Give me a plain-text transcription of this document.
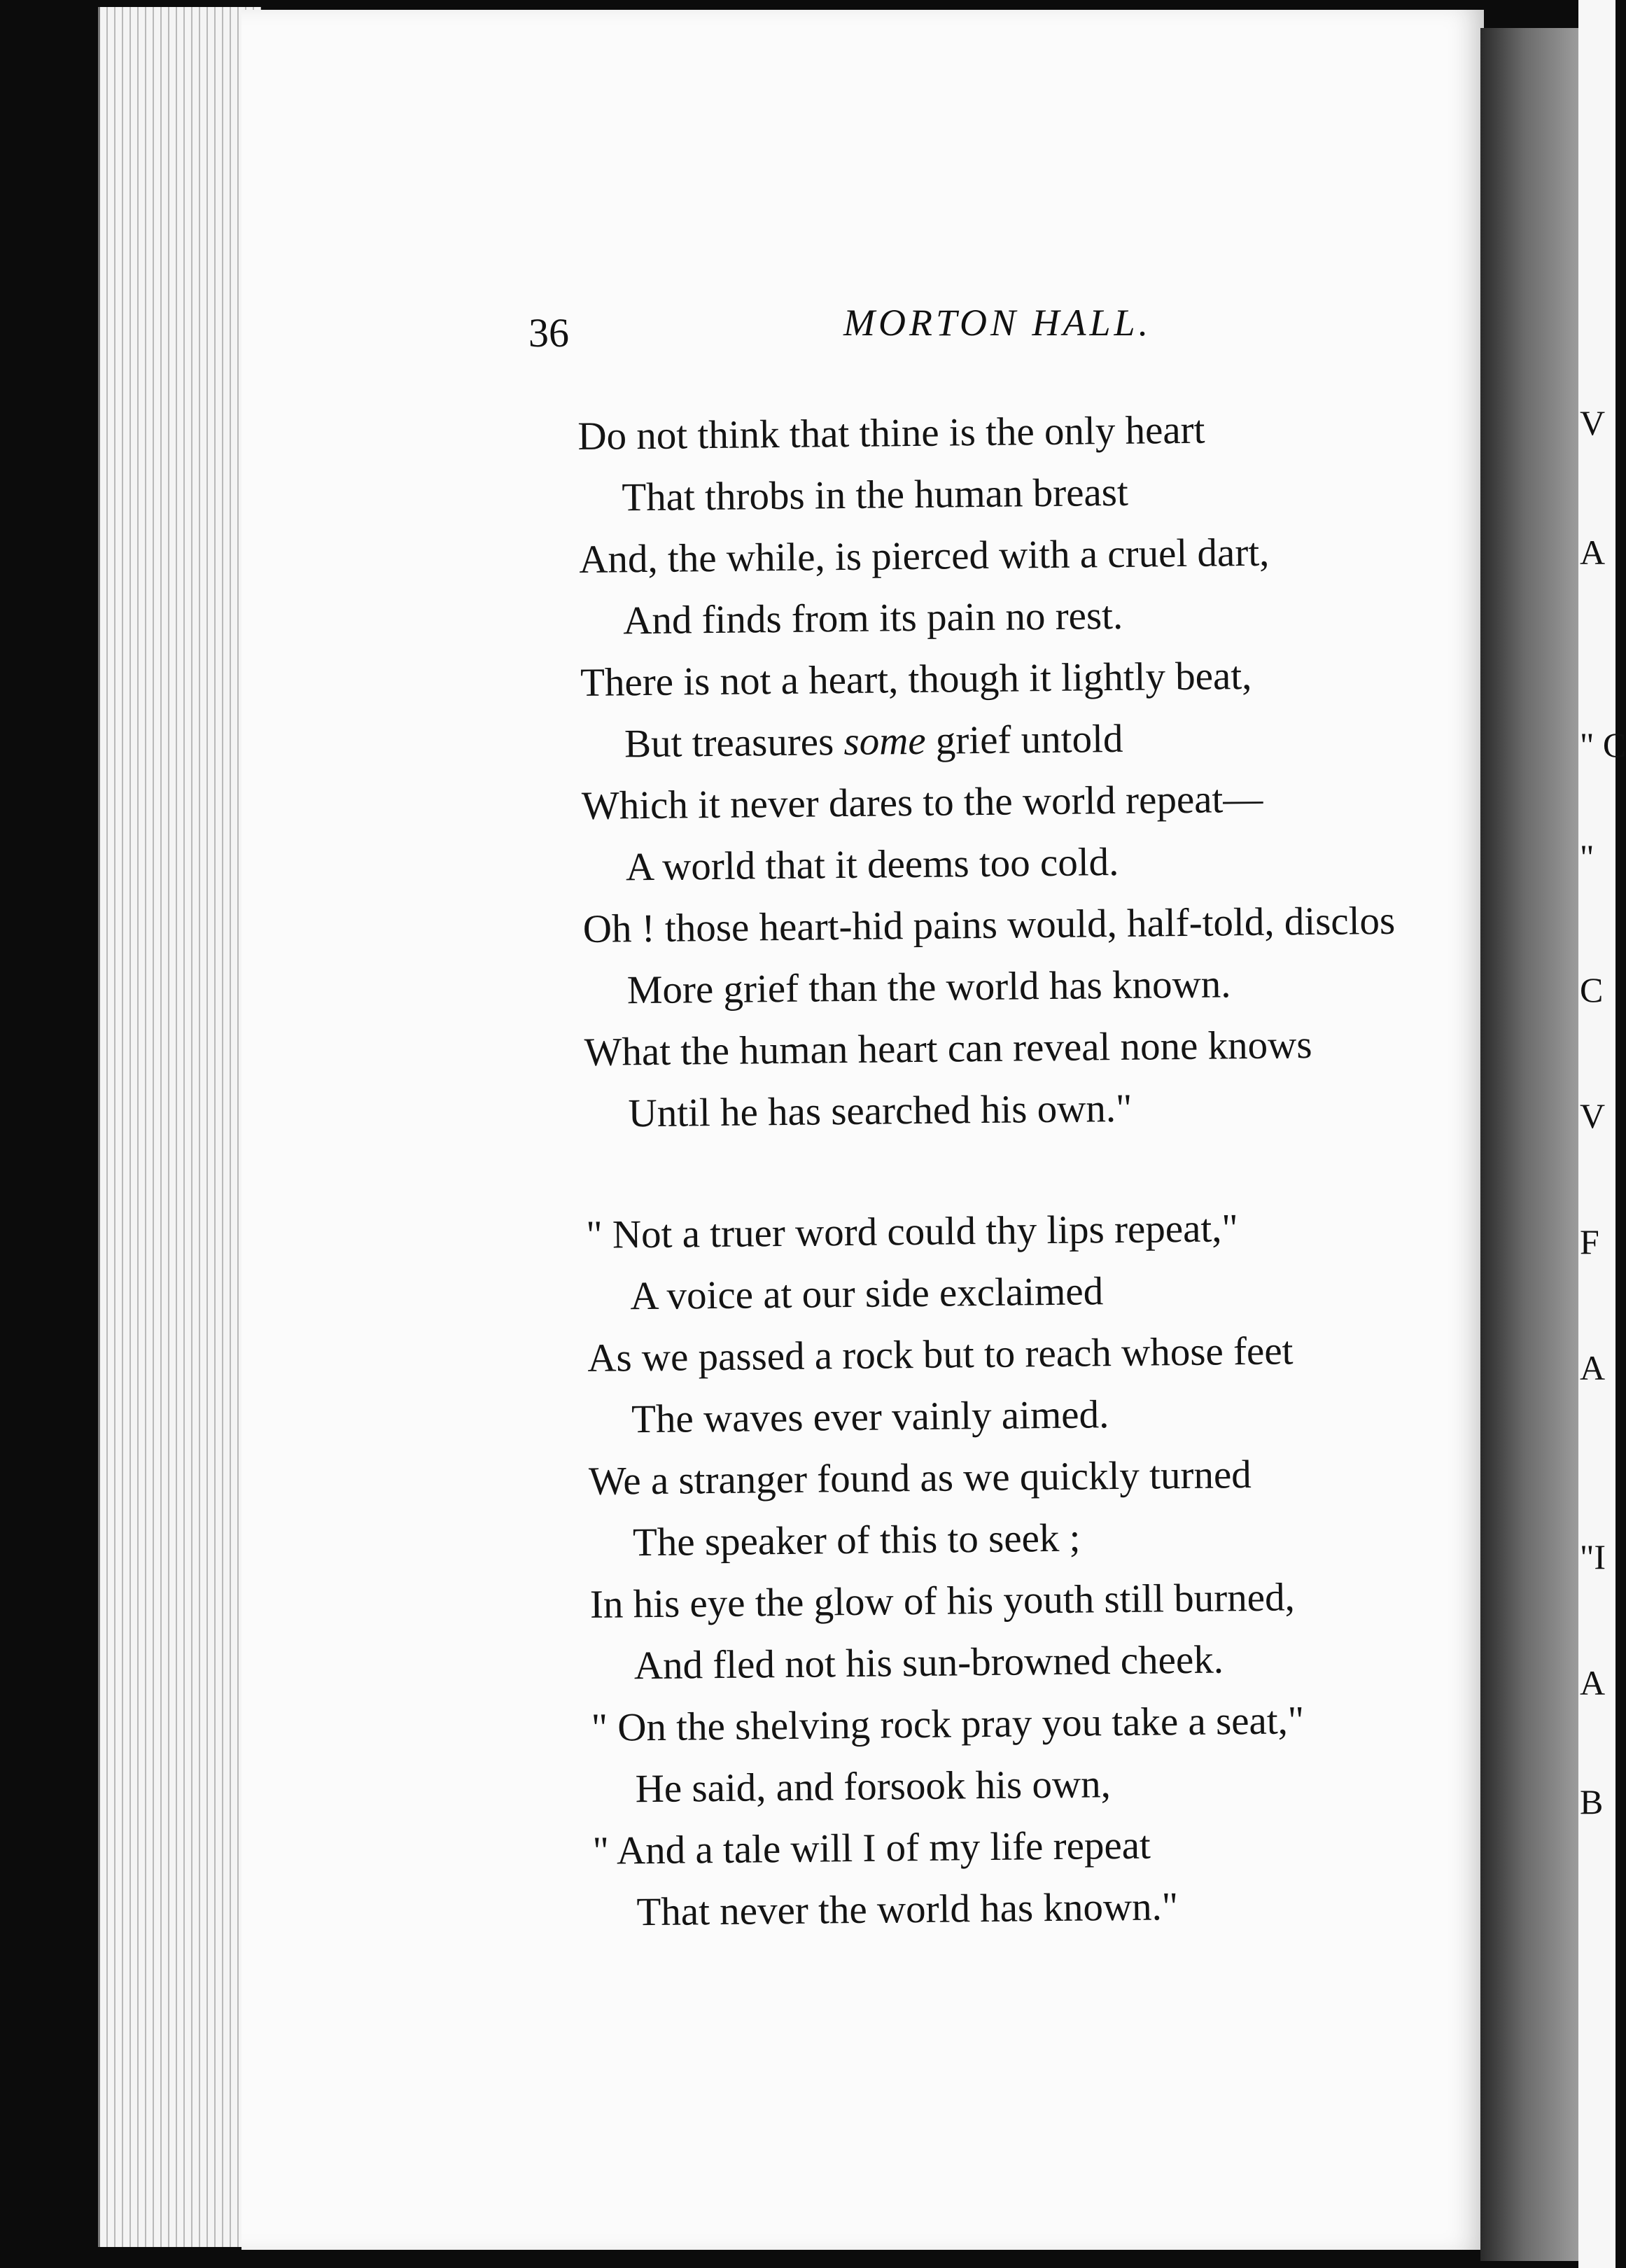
V
A
" C
"
C
V
F
A
"I
A
B
36	MORTON HALL.
Do not think that thine is the only heart
That throbs in the human breast
And, the while, is pierced with a cruel dart,
And finds from its pain no rest.
There is not a heart, though it lightly beat,
But treasures some grief untold
Which it never dares to the world repeat—
A world that it deems too cold.
Oh ! those heart-hid pains would, half-told, disclos
More grief than the world has known.
What the human heart can reveal none knows
Until he has searched his own."
" Not a truer word could thy lips repeat,"
A voice at our side exclaimed
As we passed a rock but to reach whose feet
The waves ever vainly aimed.
We a stranger found as we quickly turned
The speaker of this to seek ;
In his eye the glow of his youth still burned,
And fled not his sun-browned cheek.
" On the shelving rock pray you take a seat,"
He said, and forsook his own,
" And a tale will I of my life repeat
That never the world has known."
